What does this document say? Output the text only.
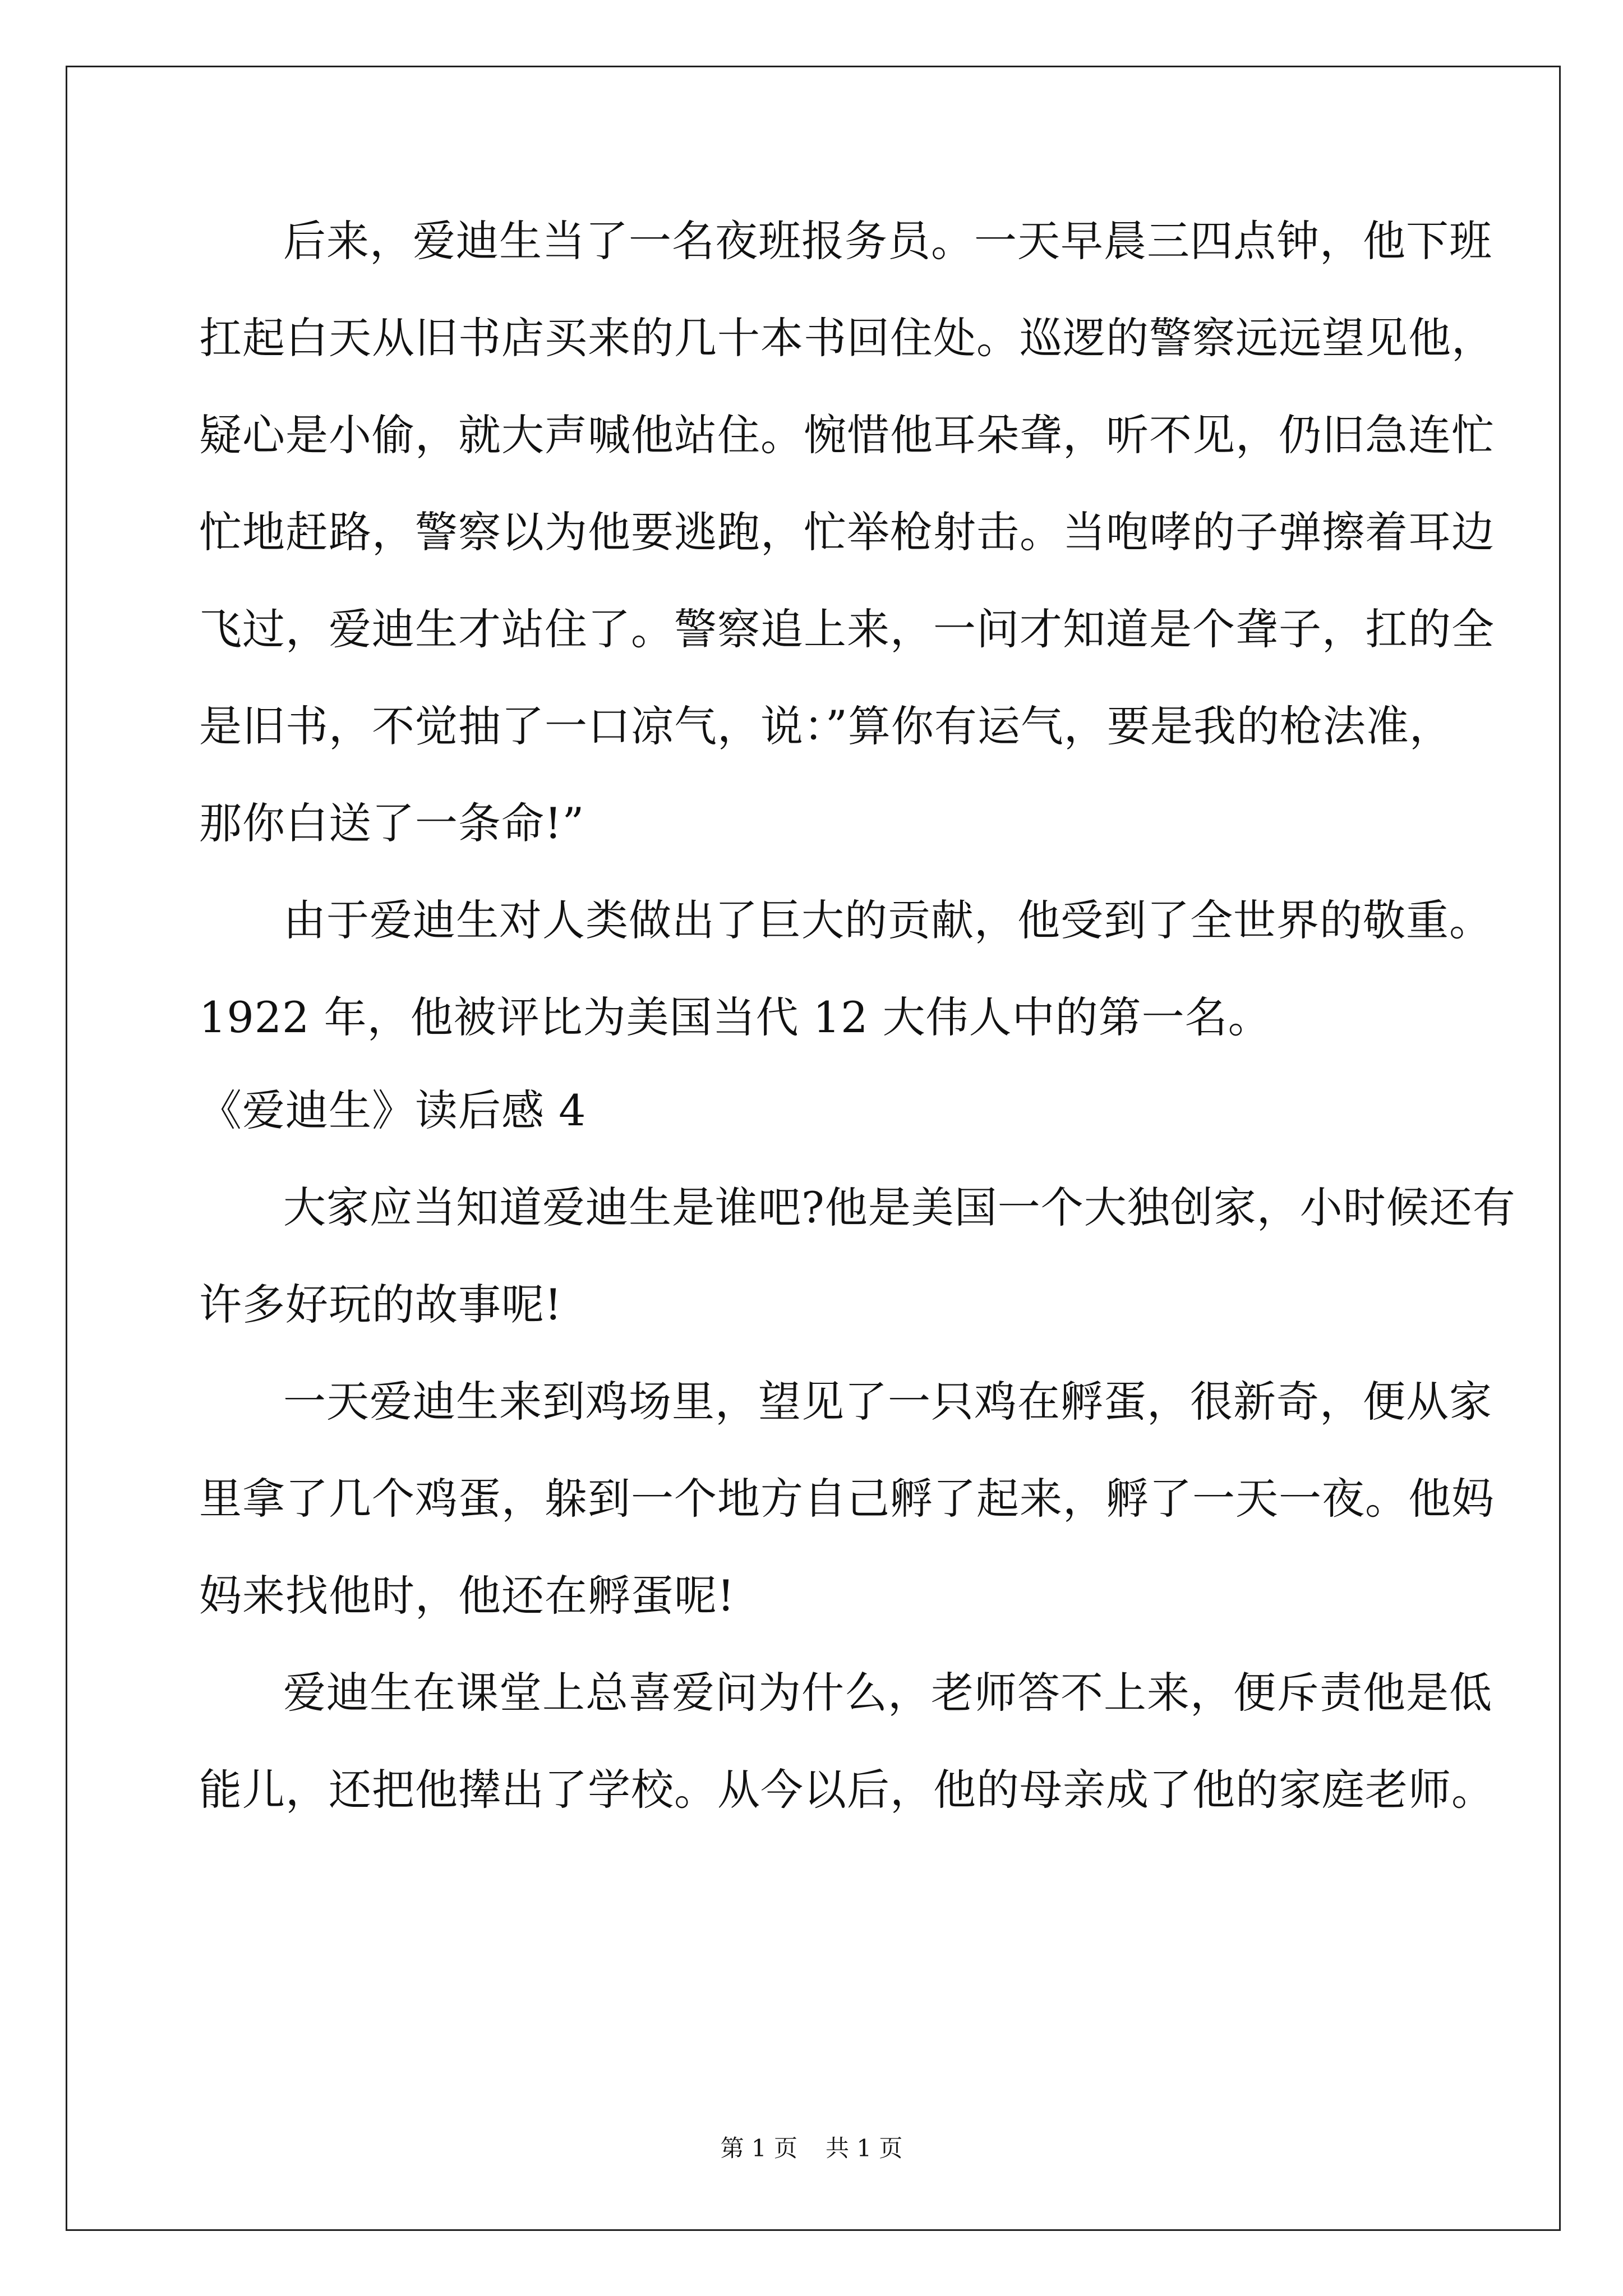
后来，爱迪生当了一名夜班报务员。一天早晨三四点钟，他下班
扛起白天从旧书店买来的几十本书回住处。巡逻的警察远远望见他，
疑心是小偷，就大声喊他站住。惋惜他耳朵聋，听不见，仍旧急连忙
忙地赶路，警察以为他要逃跑，忙举枪射击。当咆哮的子弹擦着耳边
飞过，爱迪生才站住了。警察追上来，一问才知道是个聋子，扛的全
是旧书，不觉抽了一口凉气，说：”算你有运气，要是我的枪法准，
那你白送了一条命!”
由于爱迪生对人类做出了巨大的贡献，他受到了全世界的敬重。
1922 年，他被评比为美国当代 12 大伟人中的第一名。
《爱迪生》读后感 4
大家应当知道爱迪生是谁吧?他是美国一个大独创家，小时候还有
许多好玩的故事呢!
一天爱迪生来到鸡场里，望见了一只鸡在孵蛋，很新奇，便从家
里拿了几个鸡蛋，躲到一个地方自己孵了起来，孵了一天一夜。他妈
妈来找他时，他还在孵蛋呢!
爱迪生在课堂上总喜爱问为什么，老师答不上来，便斥责他是低
能儿，还把他撵出了学校。从今以后，他的母亲成了他的家庭老师。
第 1 页 共 1 页
